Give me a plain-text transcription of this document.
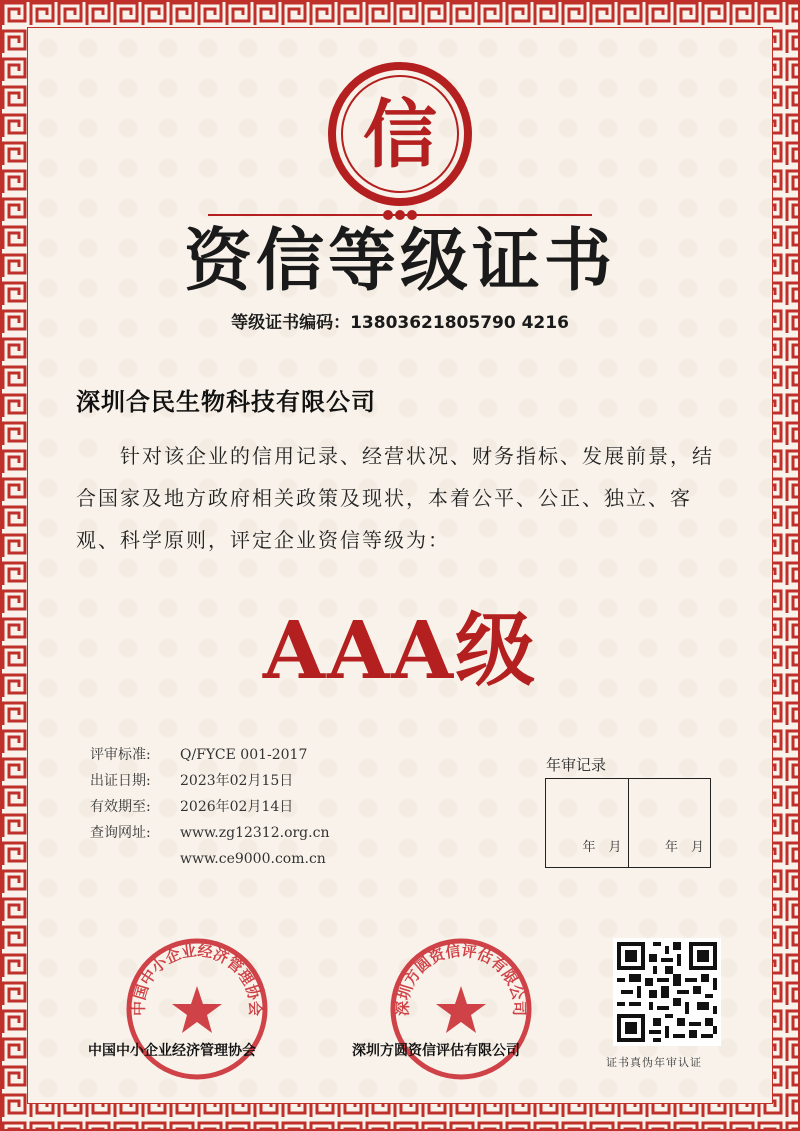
信
资信等级证书
等级证书编码：13803621805790 4216
深圳合民生物科技有限公司
针对该企业的信用记录、经营状况、财务指标、发展前景，结合国家及地方政府相关政策及现状，本着公平、公正、独立、客观、科学原则，评定企业资信等级为：
AAA级
评审标准:	Q/FYCE 001-2017
出证日期:	2023年02月15日
有效期至:	2026年02月14日
查询网址:	www.zg12312.org.cn
www.ce9000.com.cn
年审记录
年　月	年　月
中国中小企业经济管理协会	深圳方圆资信评估有限公司
中国中小企业经济管理协会	深圳方圆资信评估有限公司
证书真伪年审认证
